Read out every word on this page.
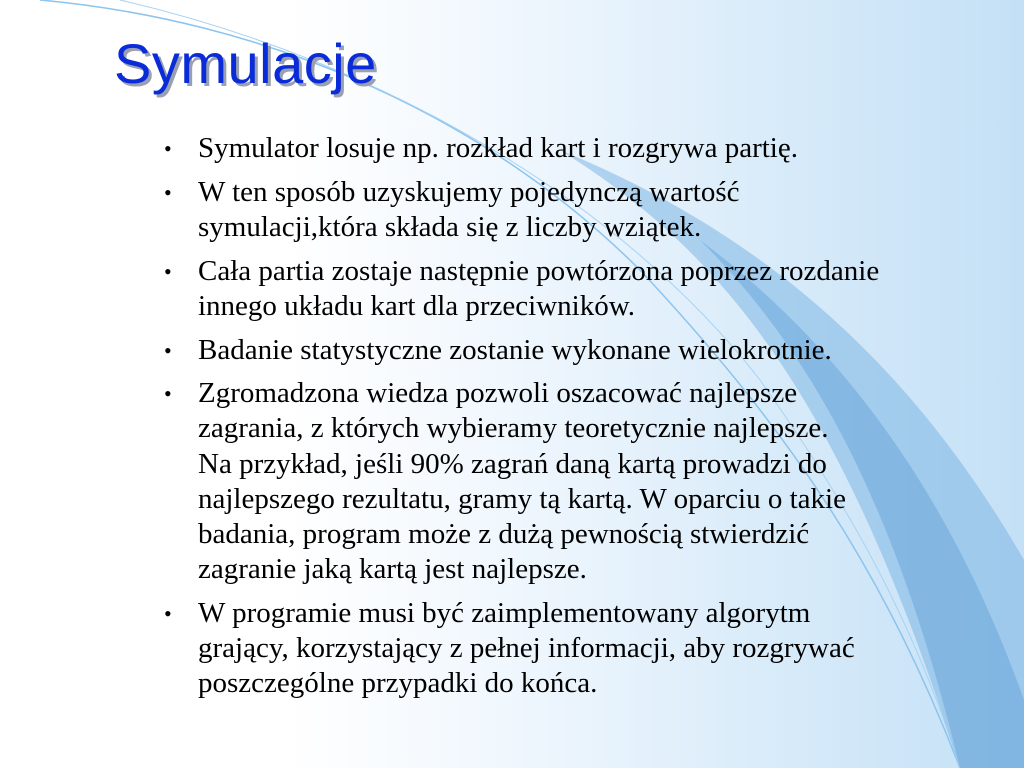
Symulacje
• Symulator losuje np. rozkład kart i rozgrywa partię.
• W ten sposób uzyskujemy pojedynczą wartość
symulacji,która składa się z liczby wziątek.
• Cała partia zostaje następnie powtórzona poprzez rozdanie
innego układu kart dla przeciwników.
• Badanie statystyczne zostanie wykonane wielokrotnie.
• Zgromadzona wiedza pozwoli oszacować najlepsze
zagrania, z których wybieramy teoretycznie najlepsze.
Na przykład, jeśli 90% zagrań daną kartą prowadzi do
najlepszego rezultatu, gramy tą kartą. W oparciu o takie
badania, program może z dużą pewnością stwierdzić
zagranie jaką kartą jest najlepsze.
• W programie musi być zaimplementowany algorytm
grający, korzystający z pełnej informacji, aby rozgrywać
poszczególne przypadki do końca.
